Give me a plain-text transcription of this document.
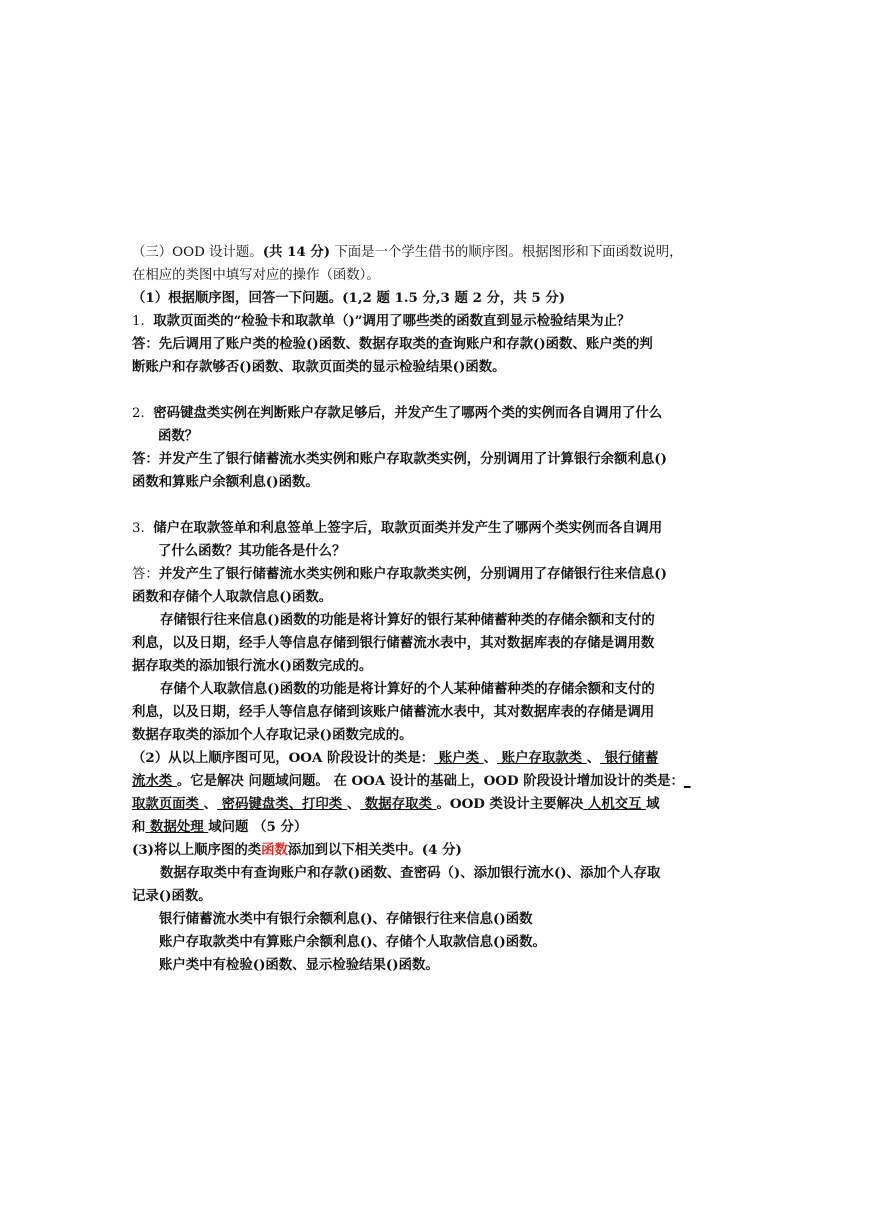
（三）OOD 设计题。(共 14 分) 下面是一个学生借书的顺序图。根据图形和下面函数说明，
在相应的类图中填写对应的操作（函数）。
（1）根据顺序图，回答一下问题。(1,2 题 1.5 分,3 题 2 分，共 5 分)
1. 取款页面类的“检验卡和取款单（)”调用了哪些类的函数直到显示检验结果为止？
答：先后调用了账户类的检验()函数、数据存取类的查询账户和存款()函数、账户类的判
断账户和存款够否()函数、取款页面类的显示检验结果()函数。
2. 密码键盘类实例在判断账户存款足够后，并发产生了哪两个类的实例而各自调用了什么
函数？
答：并发产生了银行储蓄流水类实例和账户存取款类实例，分别调用了计算银行余额利息()
函数和算账户余额利息()函数。
3. 储户在取款签单和利息签单上签字后，取款页面类并发产生了哪两个类实例而各自调用
了什么函数？其功能各是什么？
答：并发产生了银行储蓄流水类实例和账户存取款类实例，分别调用了存储银行往来信息()
函数和存储个人取款信息()函数。
存储银行往来信息()函数的功能是将计算好的银行某种储蓄种类的存储余额和支付的
利息，以及日期，经手人等信息存储到银行储蓄流水表中，其对数据库表的存储是调用数
据存取类的添加银行流水()函数完成的。
存储个人取款信息()函数的功能是将计算好的个人某种储蓄种类的存储余额和支付的
利息，以及日期，经手人等信息存储到该账户储蓄流水表中，其对数据库表的存储是调用
数据存取类的添加个人存取记录()函数完成的。
（2）从以上顺序图可见，OOA 阶段设计的类是： 账户类 、 账户存取款类 、 银行储蓄
流水类 。它是解决 问题域问题。 在 OOA 设计的基础上，OOD 阶段设计增加设计的类是：_
取款页面类 、 密码键盘类、打印类 、 数据存取类 。OOD 类设计主要解决 人机交互 域
和 数据处理 域问题 （5 分）
(3)将以上顺序图的类函数添加到以下相关类中。(4 分)
数据存取类中有查询账户和存款()函数、查密码（)、添加银行流水()、添加个人存取
记录()函数。
银行储蓄流水类中有银行余额利息()、存储银行往来信息()函数
账户存取款类中有算账户余额利息()、存储个人取款信息()函数。
账户类中有检验()函数、显示检验结果()函数。
